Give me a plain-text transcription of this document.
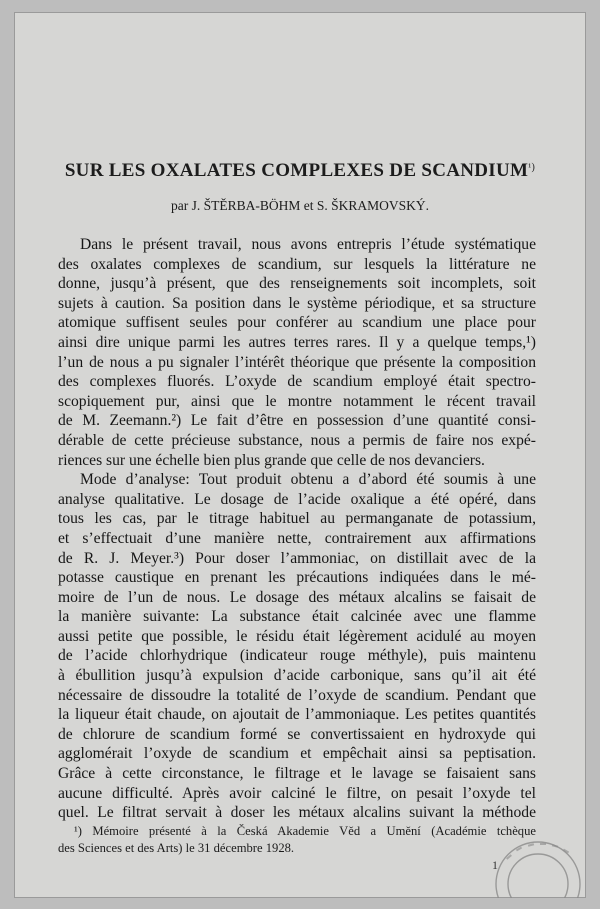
SUR LES OXALATES COMPLEXES DE $SCANDIUM^{^1)}$
par J. ŠTĚRBA-BÖHM et S. ŠKRAMOVSKÝ.
Dans le présent travail, nous avons entrepris l’étude systématique
des oxalates complexes de scandium, sur lesquels la littérature ne
donne, jusqu’à présent, que des renseignements soit incomplets, soit
sujets à caution. Sa position dans le système périodique, et sa structure
atomique suffisent seules pour conférer au scandium une place pour
ainsi dire unique parmi les autres terres rares. Il y a quelque temps,¹)
l’un de nous a pu signaler l’intérêt théorique que présente la composition
des complexes fluorés. L’oxyde de scandium employé était spectro-
scopiquement pur, ainsi que le montre notamment le récent travail
de M. Zeemann.²) Le fait d’être en possession d’une quantité consi-
dérable de cette précieuse substance, nous a permis de faire nos expé-
riences sur une échelle bien plus grande que celle de nos devanciers.
Mode d’analyse: Tout produit obtenu a d’abord été soumis à une
analyse qualitative. Le dosage de l’acide oxalique a été opéré, dans
tous les cas, par le titrage habituel au permanganate de potassium,
et s’effectuait d’une manière nette, contrairement aux affirmations
de R. J. Meyer.³) Pour doser l’ammoniac, on distillait avec de la
potasse caustique en prenant les précautions indiquées dans le mé-
moire de l’un de nous. Le dosage des métaux alcalins se faisait de
la manière suivante: La substance était calcinée avec une flamme
aussi petite que possible, le résidu était légèrement acidulé au moyen
de l’acide chlorhydrique (indicateur rouge méthyle), puis maintenu
à ébullition jusqu’à expulsion d’acide carbonique, sans qu’il ait été
nécessaire de dissoudre la totalité de l’oxyde de scandium. Pendant que
la liqueur était chaude, on ajoutait de l’ammoniaque. Les petites quantités
de chlorure de scandium formé se convertissaient en hydroxyde qui
agglomérait l’oxyde de scandium et empêchait ainsi sa peptisation.
Grâce à cette circonstance, le filtrage et le lavage se faisaient sans
aucune difficulté. Après avoir calciné le filtre, on pesait l’oxyde tel
quel. Le filtrat servait à doser les métaux alcalins suivant la méthode
¹) Mémoire présenté à la Česká Akademie Věd a Umění (Académie tchèque
des Sciences et des Arts) le 31 décembre 1928.
1
